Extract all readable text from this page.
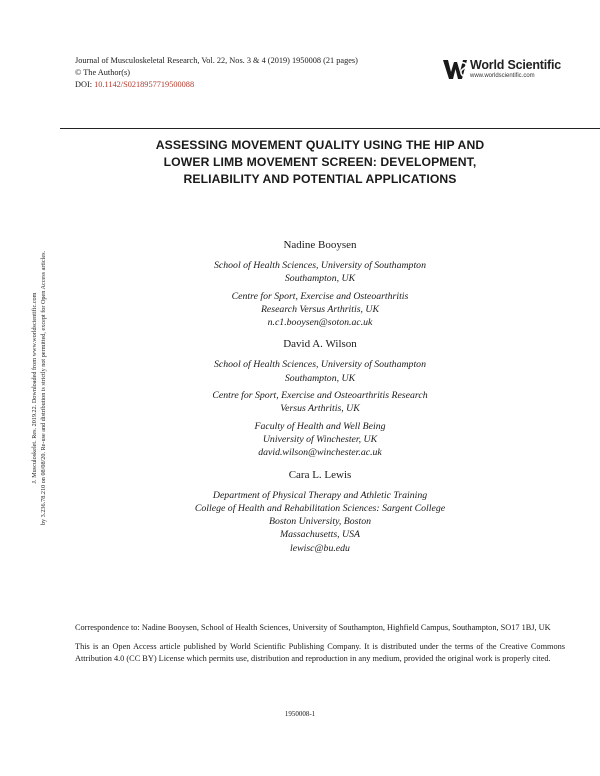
Journal of Musculoskeletal Research, Vol. 22, Nos. 3 & 4 (2019) 1950008 (21 pages)
© The Author(s)
DOI: 10.1142/S0218957719500088
World Scientific
www.worldscientific.com
ASSESSING MOVEMENT QUALITY USING THE HIP AND
LOWER LIMB MOVEMENT SCREEN: DEVELOPMENT,
RELIABILITY AND POTENTIAL APPLICATIONS
Nadine Booysen
School of Health Sciences, University of Southampton
Southampton, UK
Centre for Sport, Exercise and Osteoarthritis
Research Versus Arthritis, UK
n.c1.booysen@soton.ac.uk
David A. Wilson
School of Health Sciences, University of Southampton
Southampton, UK
Centre for Sport, Exercise and Osteoarthritis Research
Versus Arthritis, UK
Faculty of Health and Well Being
University of Winchester, UK
david.wilson@winchester.ac.uk
Cara L. Lewis
Department of Physical Therapy and Athletic Training
College of Health and Rehabilitation Sciences: Sargent College
Boston University, Boston
Massachusetts, USA
lewisc@bu.edu
J. Musculoskelet. Res. 2019.22. Downloaded from www.worldscientific.com by 3.236.78.210 on 08/08/20. Re-use and distribution is strictly not permitted, except for Open Access articles.

Correspondence to: Nadine Booysen, School of Health Sciences, University of Southampton, Highfield Campus, Southampton, SO17 1BJ, UK

This is an Open Access article published by World Scientific Publishing Company. It is distributed under the terms of the Creative Commons Attribution 4.0 (CC BY) License which permits use, distribution and reproduction in any medium, provided the original work is properly cited.

1950008-1
